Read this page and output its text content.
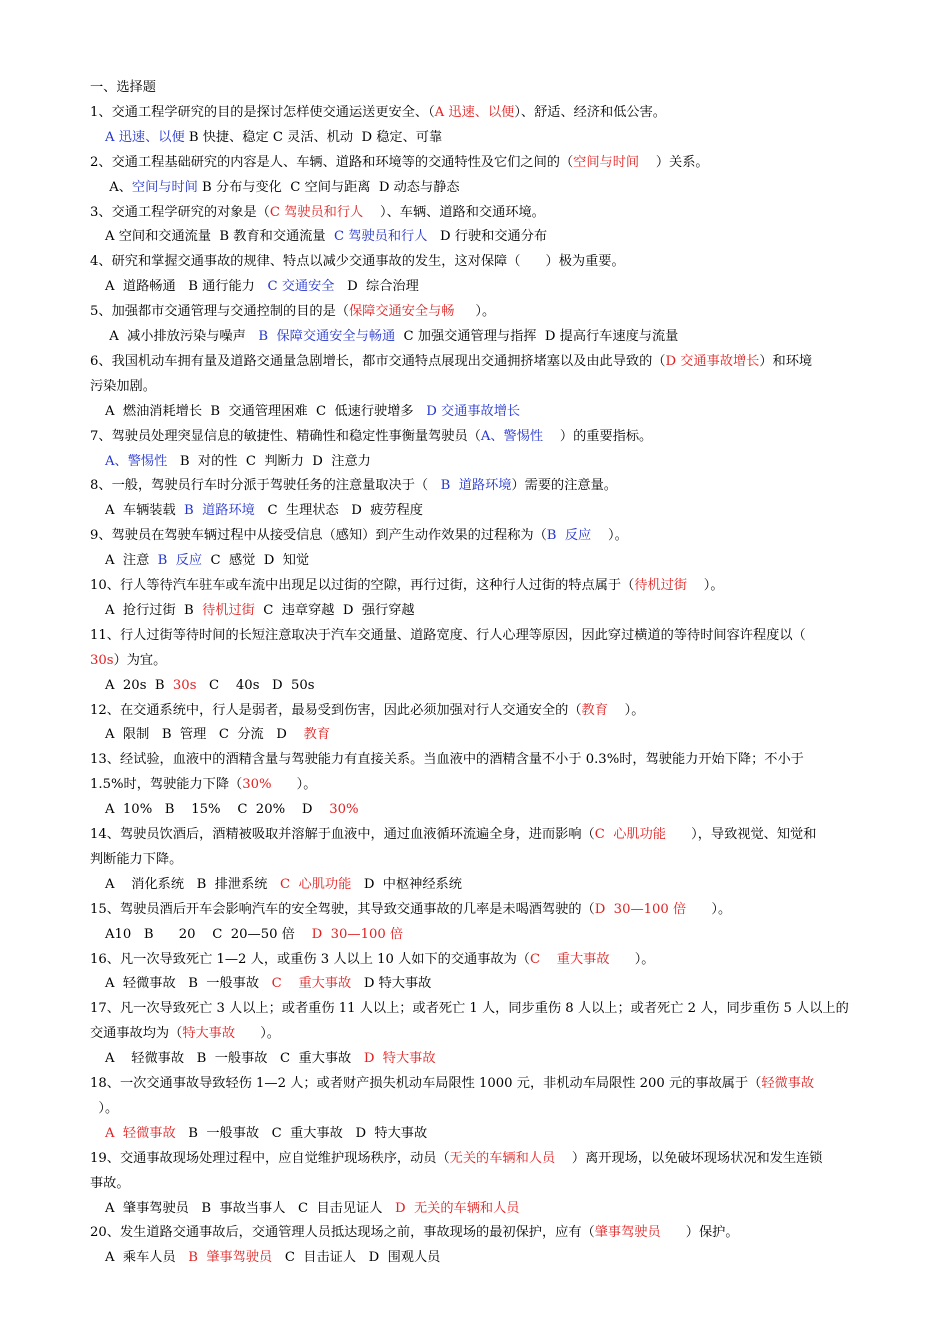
一、选择题
1、交通工程学研究的目的是探讨怎样使交通运送更安全、（A 迅速、以便）、舒适、经济和低公害。
A 迅速、以便 B 快捷、稳定 C 灵活、机动  D 稳定、可靠
2、交通工程基础研究的内容是人、车辆、道路和环境等的交通特性及它们之间的（空间与时间    ）关系。
A、空间与时间 B 分布与变化  C 空间与距离  D 动态与静态
3、交通工程学研究的对象是（C 驾驶员和行人    ）、车辆、道路和交通环境。
A 空间和交通流量  B 教育和交通流量  C 驾驶员和行人   D 行驶和交通分布
4、研究和掌握交通事故的规律、特点以减少交通事故的发生，这对保障（      ）极为重要。
A  道路畅通   B 通行能力   C 交通安全   D  综合治理
5、加强都市交通管理与交通控制的目的是（保障交通安全与畅     ）。
A  减小排放污染与噪声   B  保障交通安全与畅通  C 加强交通管理与指挥  D 提高行车速度与流量
6、我国机动车拥有量及道路交通量急剧增长，都市交通特点展现出交通拥挤堵塞以及由此导致的（D 交通事故增长）和环境
污染加剧。
A  燃油消耗增长  B  交通管理困难  C  低速行驶增多   D 交通事故增长
7、驾驶员处理突显信息的敏捷性、精确性和稳定性事衡量驾驶员（A、警惕性    ）的重要指标。
A、警惕性   B  对的性  C  判断力  D  注意力
8、一般，驾驶员行车时分派于驾驶任务的注意量取决于（   B  道路环境）需要的注意量。
A  车辆装载  B  道路环境   C  生理状态   D  疲劳程度
9、驾驶员在驾驶车辆过程中从接受信息（感知）到产生动作效果的过程称为（B  反应    ）。
A  注意  B  反应  C  感觉  D  知觉
10、行人等待汽车驻车或车流中出现足以过街的空隙，再行过街，这种行人过街的特点属于（待机过街    ）。
A  抢行过街  B  待机过街  C  违章穿越  D  强行穿越
11、行人过街等待时间的长短注意取决于汽车交通量、道路宽度、行人心理等原因，因此穿过横道的等待时间容许程度以（
30s）为宜。
A  20s  B  30s   C    40s   D  50s
12、在交通系统中，行人是弱者，最易受到伤害，因此必须加强对行人交通安全的（教育    ）。
A  限制   B  管理   C  分流   D    教育
13、经试验，血液中的酒精含量与驾驶能力有直接关系。当血液中的酒精含量不小于 0.3%时，驾驶能力开始下降；不小于
1.5%时，驾驶能力下降（30%      ）。
A  10%   B    15%    C  20%    D    30%
14、驾驶员饮酒后，酒精被吸取并溶解于血液中，通过血液循环流遍全身，进而影响（C  心肌功能      ），导致视觉、知觉和
判断能力下降。
A    消化系统   B  排泄系统   C  心肌功能   D  中枢神经系统
15、驾驶员酒后开车会影响汽车的安全驾驶，其导致交通事故的几率是未喝酒驾驶的（D  30—100 倍      ）。
A10   B      20    C  20—50 倍    D  30—100 倍
16、凡一次导致死亡 1—2 人，或重伤 3 人以上 10 人如下的交通事故为（C    重大事故      ）。
A  轻微事故   B  一般事故   C    重大事故   D 特大事故
17、凡一次导致死亡 3 人以上；或者重伤 11 人以上；或者死亡 1 人，同步重伤 8 人以上；或者死亡 2 人，同步重伤 5 人以上的
交通事故均为（特大事故      ）。
A    轻微事故   B  一般事故   C  重大事故   D  特大事故
18、一次交通事故导致轻伤 1—2 人；或者财产损失机动车局限性 1000 元，非机动车局限性 200 元的事故属于（轻微事故
）。
A  轻微事故   B  一般事故   C  重大事故   D  特大事故
19、交通事故现场处理过程中，应自觉维护现场秩序，动员（无关的车辆和人员    ）离开现场，以免破坏现场状况和发生连锁
事故。
A  肇事驾驶员   B  事故当事人   C  目击见证人   D  无关的车辆和人员
20、发生道路交通事故后，交通管理人员抵达现场之前，事故现场的最初保护，应有（肇事驾驶员      ）保护。
A  乘车人员   B  肇事驾驶员   C  目击证人   D  围观人员
